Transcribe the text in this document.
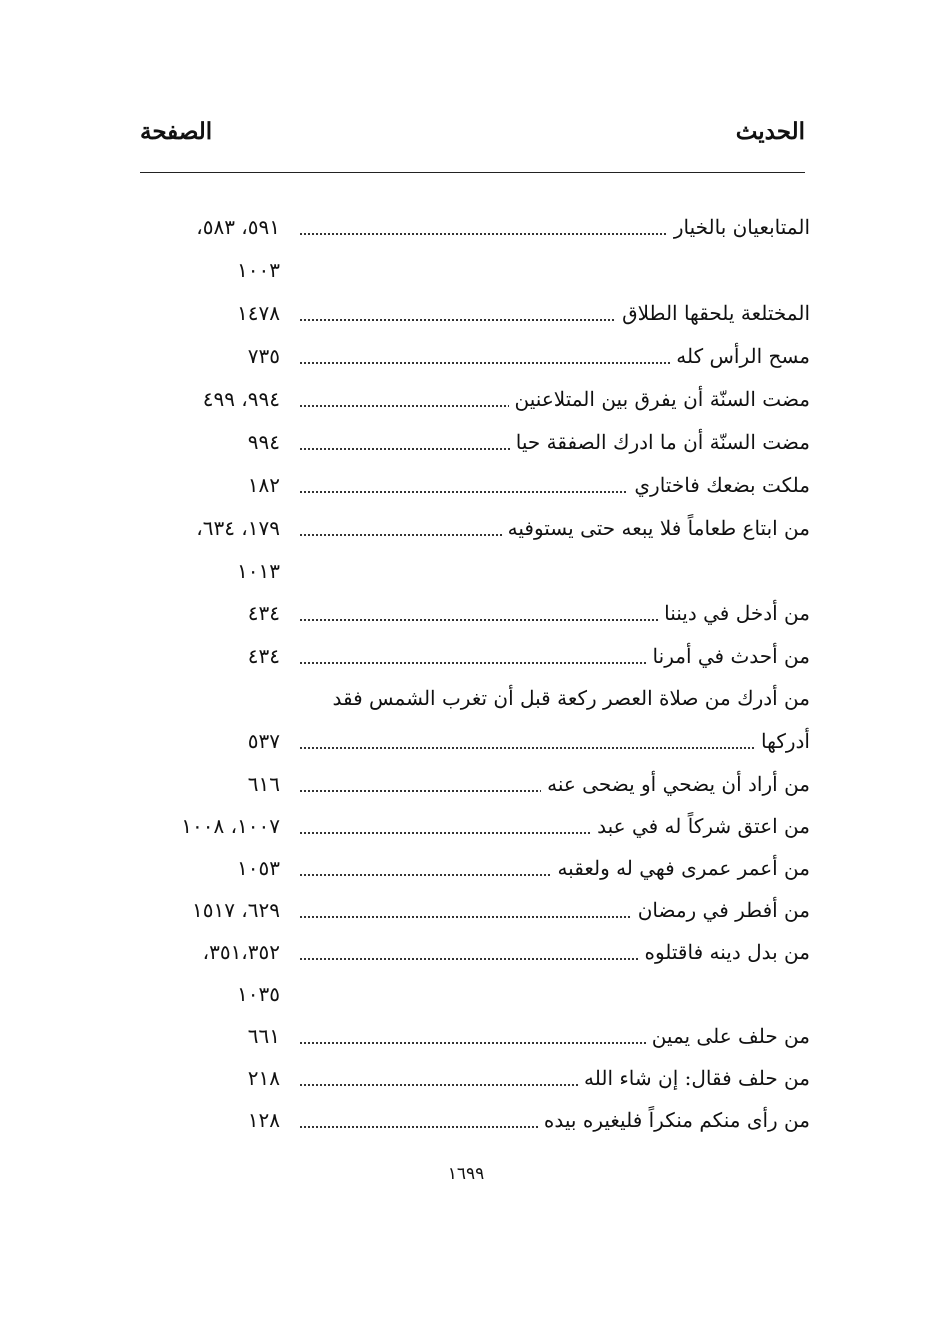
الحديث
الصفحة
المتابعيان بالخيار
٥٩١، ٥٨٣،
١٠٠٣
المختلعة يلحقها الطلاق
١٤٧٨
مسح الرأس كله
٧٣٥
مضت السنّة أن يفرق بين المتلاعنين
٩٩٤، ٤٩٩
مضت السنّة أن ما ادرك الصفقة حيا
٩٩٤
ملكت بضعك فاختاري
١٨٢
من ابتاع طعاماً فلا يبعه حتى يستوفيه
١٧٩، ٦٣٤،
١٠١٣
من أدخل في ديننا
٤٣٤
من أحدث في أمرنا
٤٣٤
من أدرك من صلاة العصر ركعة قبل أن تغرب الشمس فقد
أدركها
٥٣٧
من أراد أن يضحي أو يضحى عنه
٦١٦
من اعتق شركاً له في عبد
١٠٠٧، ١٠٠٨
من أعمر عمرى فهي له ولعقبه
١٠٥٣
من أفطر في رمضان
٦٢٩، ١٥١٧
من بدل دينه فاقتلوه
٣٥١،٣٥٢،
١٠٣٥
من حلف على يمين
٦٦١
من حلف فقال: إن شاء الله
٢١٨
من رأى منكم منكراً فليغيره بيده
١٢٨
١٦٩٩
